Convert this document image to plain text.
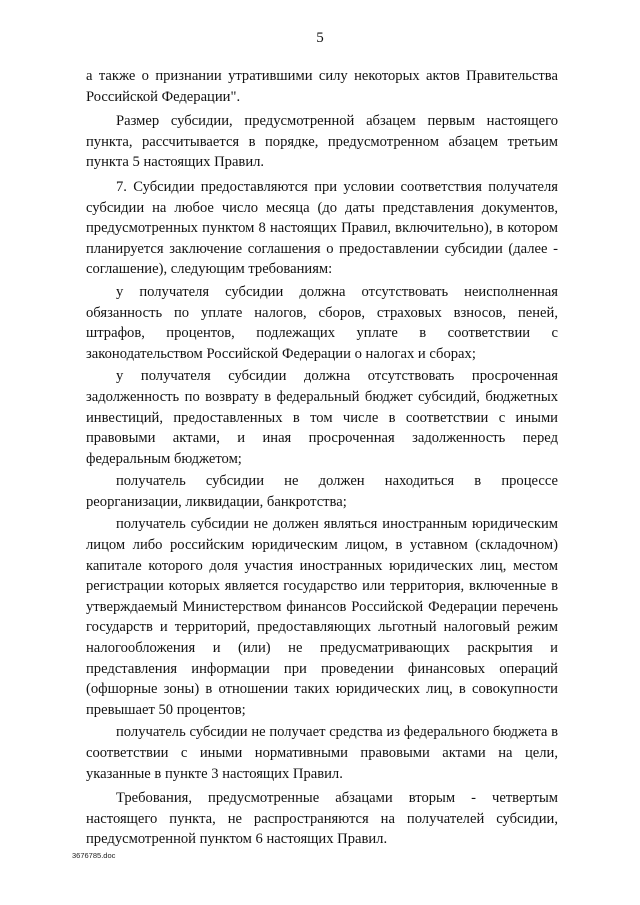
5

а также о признании утратившими силу некоторых актов Правительства Российской Федерации".

Размер субсидии, предусмотренной абзацем первым настоящего пункта, рассчитывается в порядке, предусмотренном абзацем третьим пункта 5 настоящих Правил.

7. Субсидии предоставляются при условии соответствия получателя субсидии на любое число месяца (до даты представления документов, предусмотренных пунктом 8 настоящих Правил, включительно), в котором планируется заключение соглашения о предоставлении субсидии (далее - соглашение), следующим требованиям:

у получателя субсидии должна отсутствовать неисполненная обязанность по уплате налогов, сборов, страховых взносов, пеней, штрафов, процентов, подлежащих уплате в соответствии с законодательством Российской Федерации о налогах и сборах;

у получателя субсидии должна отсутствовать просроченная задолженность по возврату в федеральный бюджет субсидий, бюджетных инвестиций, предоставленных в том числе в соответствии с иными правовыми актами, и иная просроченная задолженность перед федеральным бюджетом;

получатель субсидии не должен находиться в процессе реорганизации, ликвидации, банкротства;

получатель субсидии не должен являться иностранным юридическим лицом либо российским юридическим лицом, в уставном (складочном) капитале которого доля участия иностранных юридических лиц, местом регистрации которых является государство или территория, включенные в утверждаемый Министерством финансов Российской Федерации перечень государств и территорий, предоставляющих льготный налоговый режим налогообложения и (или) не предусматривающих раскрытия и представления информации при проведении финансовых операций (офшорные зоны) в отношении таких юридических лиц, в совокупности превышает 50 процентов;

получатель субсидии не получает средства из федерального бюджета в соответствии с иными нормативными правовыми актами на цели, указанные в пункте 3 настоящих Правил.

Требования, предусмотренные абзацами вторым - четвертым настоящего пункта, не распространяются на получателей субсидии, предусмотренной пунктом 6 настоящих Правил.

3676785.doc
